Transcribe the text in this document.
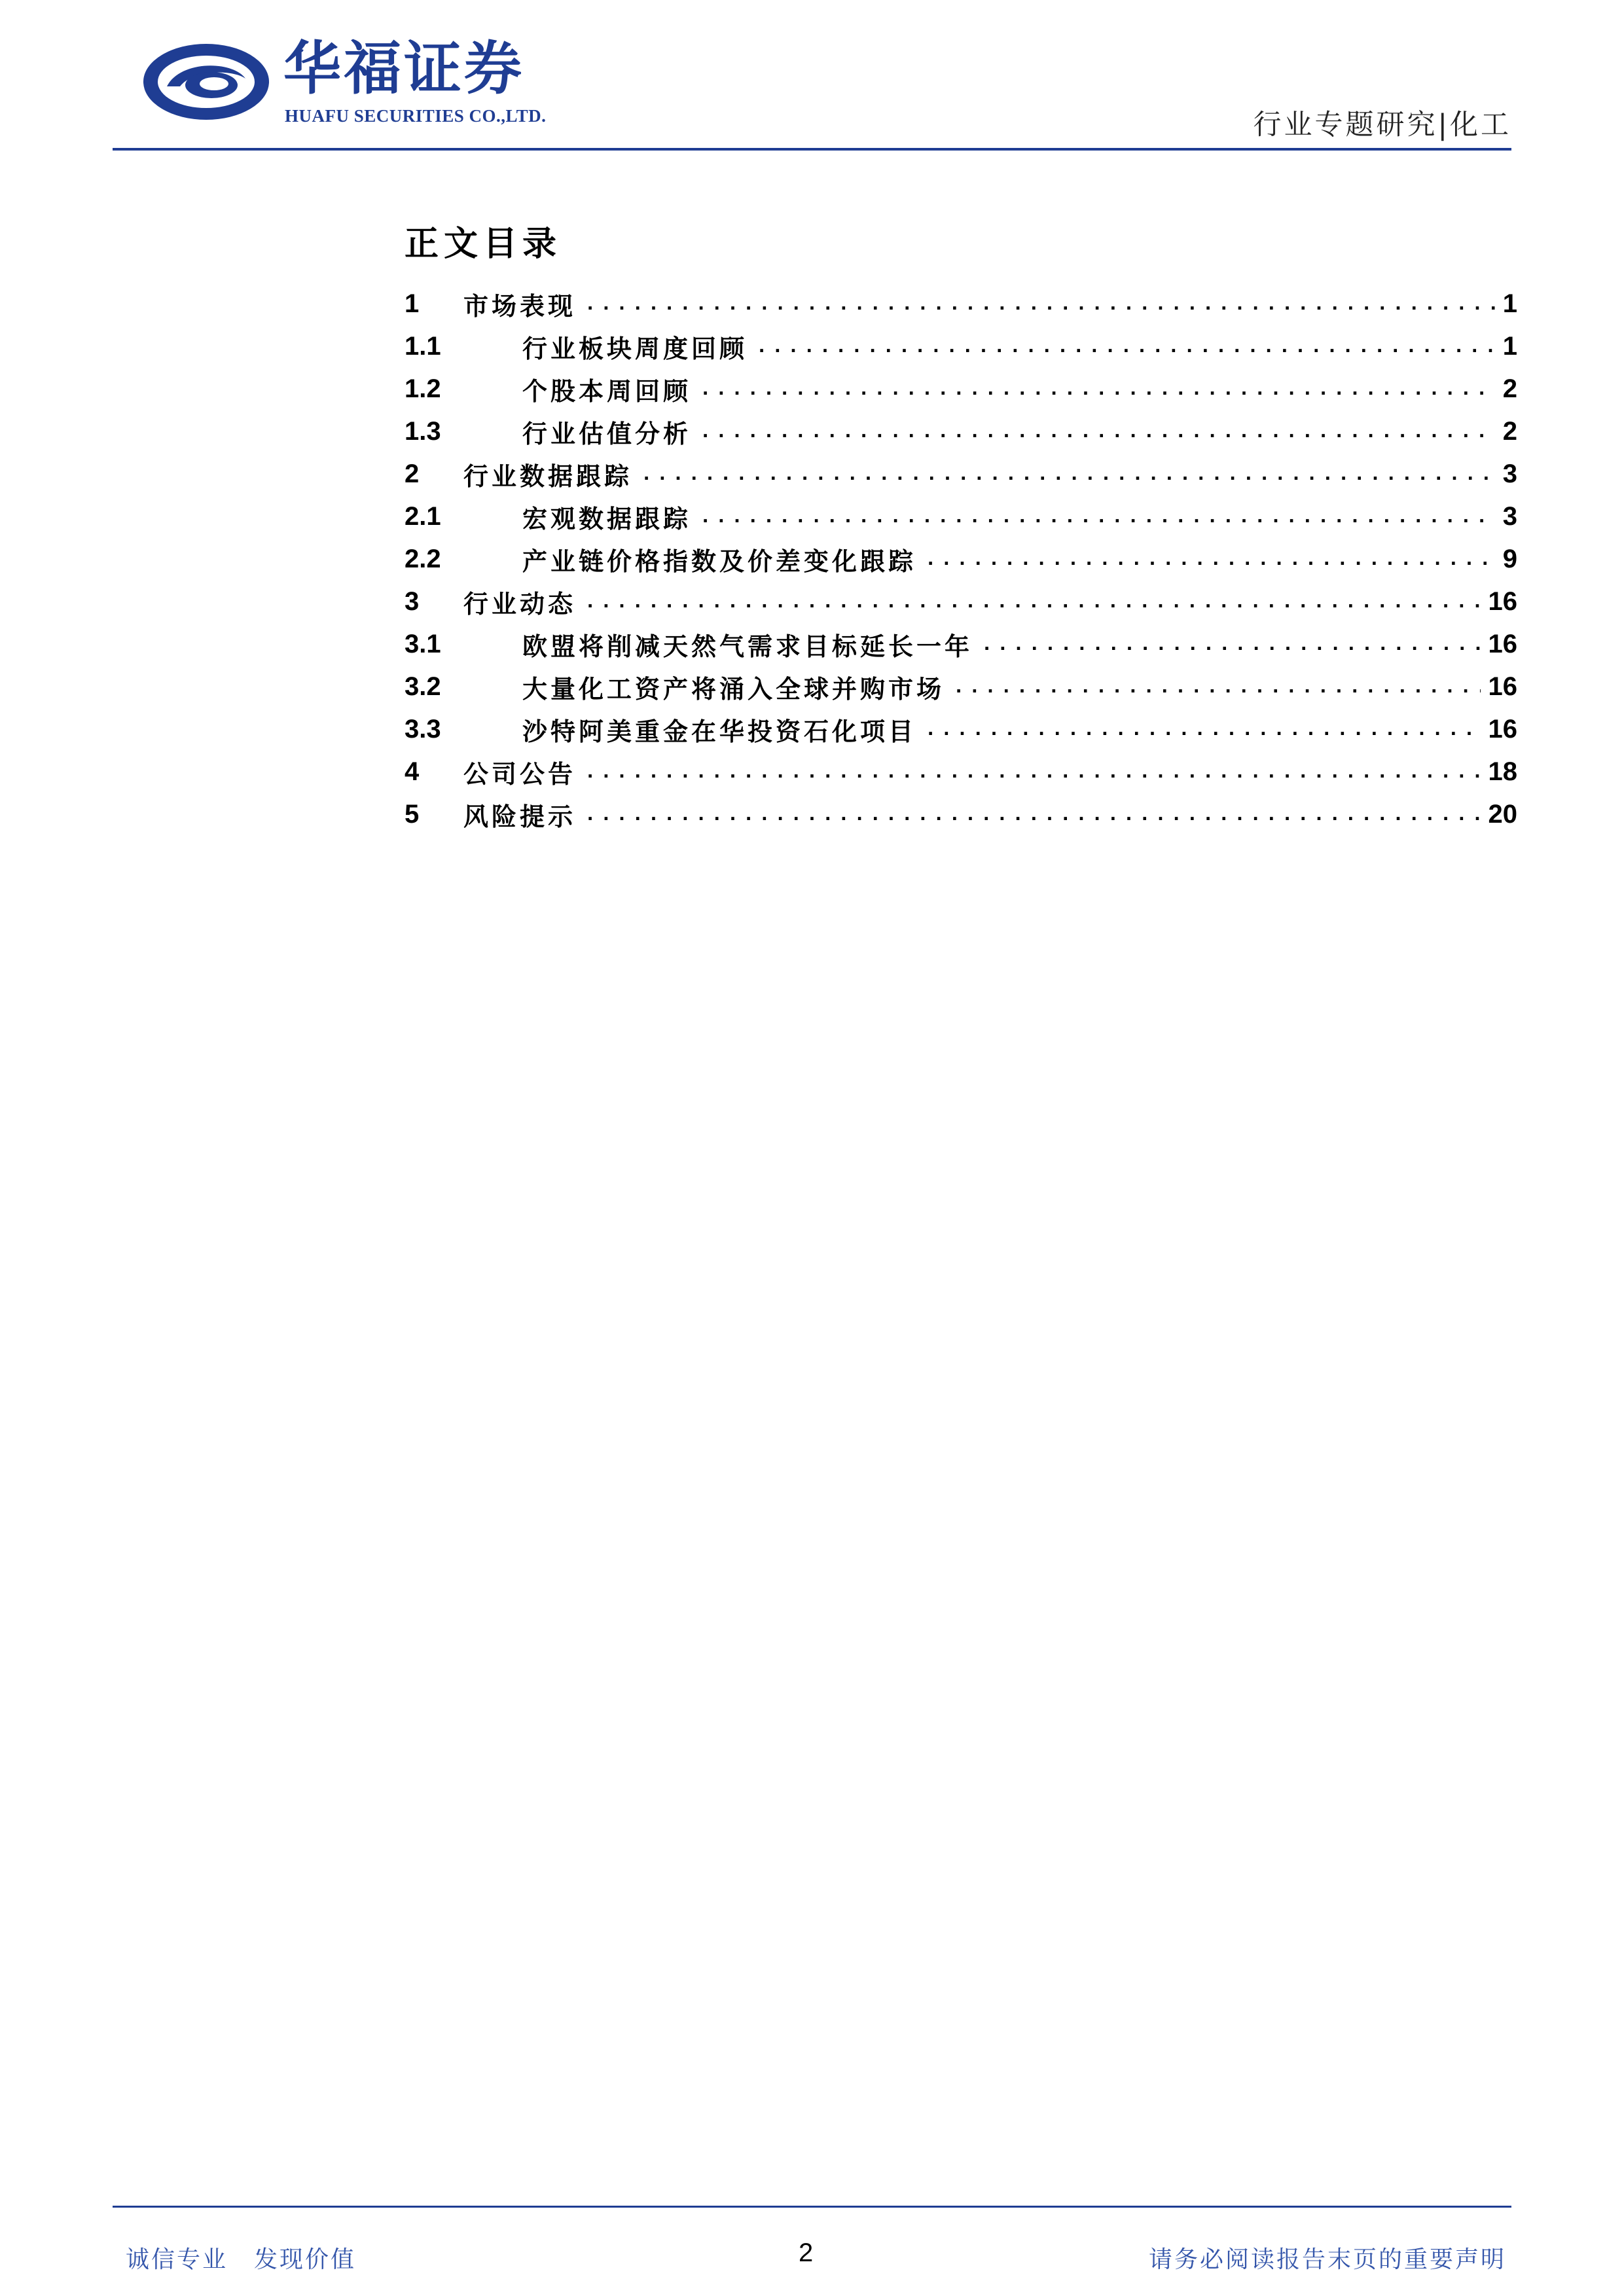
华福证券
HUAFU SECURITIES CO.,LTD.	行业专题研究|化工
正文目录
1	市场表现 .....	1
1.1	行业板块周度回顾 .....	1
1.2	个股本周回顾 .....	2
1.3	行业估值分析 .....	2
2	行业数据跟踪 .....	3
2.1	宏观数据跟踪 .....	3
2.2	产业链价格指数及价差变化跟踪 .....	9
3	行业动态 .....	16
3.1	欧盟将削减天然气需求目标延长一年 .....	16
3.2	大量化工资产将涌入全球并购市场 .....	16
3.3	沙特阿美重金在华投资石化项目 .....	16
4	公司公告 .....	18
5	风险提示 .....	20
诚信专业 发现价值	2	请务必阅读报告末页的重要声明
